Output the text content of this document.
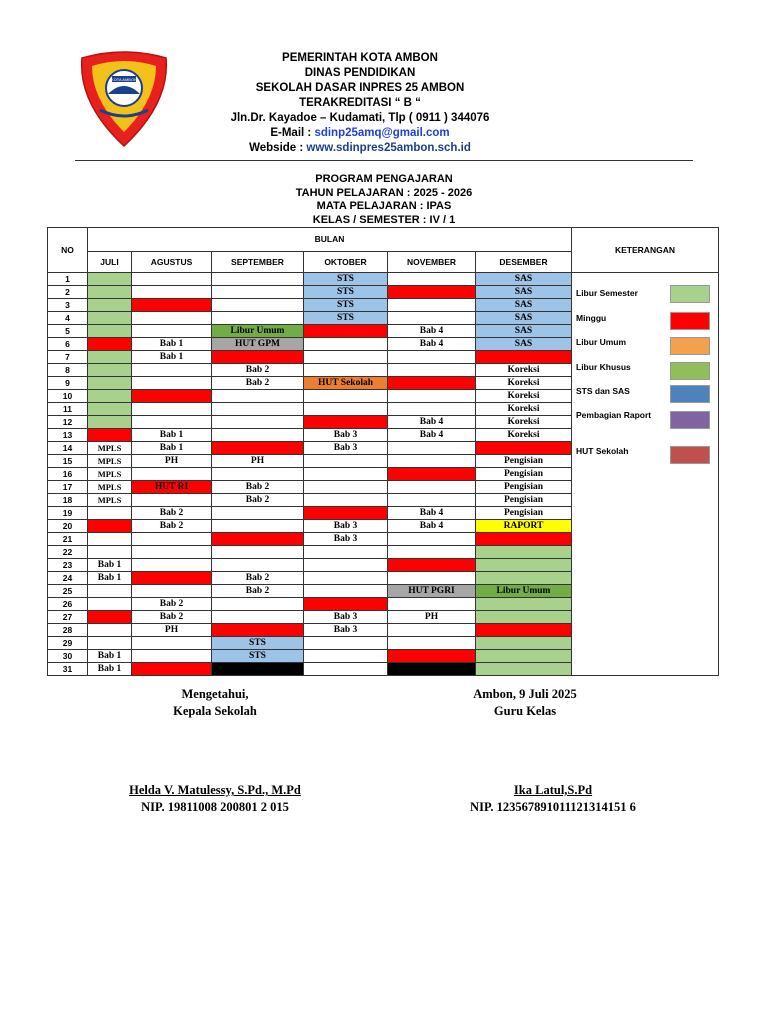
KOTA AMBON
PEMERINTAH KOTA AMBON
DINAS PENDIDIKAN
SEKOLAH DASAR INPRES 25 AMBON
TERAKREDITASI “ B “
Jln.Dr. Kayadoe – Kudamati, Tlp ( 0911 ) 344076
E-Mail : sdinp25amq@gmail.com
Webside : www.sdinpres25ambon.sch.id
PROGRAM PENGAJARAN
TAHUN PELAJARAN : 2025 - 2026
MATA PELAJARAN : IPAS
KELAS / SEMESTER : IV / 1
NO	BULAN						KETERANGAN
	JULI	AGUSTUS	SEPTEMBER	OKTOBER	NOVEMBER	DESEMBER	
1				STS		SAS	
2				STS		SAS	
3				STS		SAS	
4				STS		SAS	
5			Libur Umum		Bab 4	SAS	
6		Bab 1	HUT GPM		Bab 4	SAS	
7		Bab 1					
8			Bab 2			Koreksi	
9			Bab 2	HUT Sekolah		Koreksi	
10						Koreksi	
11						Koreksi	
12					Bab 4	Koreksi	
13		Bab 1		Bab 3	Bab 4	Koreksi	
14	MPLS	Bab 1		Bab 3			
15	MPLS	PH	PH			Pengisian	
16	MPLS					Pengisian	
17	MPLS	HUT RI	Bab 2			Pengisian	
18	MPLS		Bab 2			Pengisian	
19		Bab 2			Bab 4	Pengisian	
20		Bab 2		Bab 3	Bab 4	RAPORT	
21				Bab 3			
22							
23	Bab 1						
24	Bab 1		Bab 2				
25			Bab 2		HUT PGRI	Libur Umum	
26		Bab 2					
27		Bab 2		Bab 3	PH		
28		PH		Bab 3			
29			STS				
30	Bab 1		STS				
31	Bab 1						
Libur Semester
Minggu
Libur Umum
Libur Khusus
STS dan SAS
Pembagian Raport
HUT Sekolah
Mengetahui,
Kepala Sekolah
Ambon, 9 Juli 2025
Guru Kelas
Helda V. Matulessy, S.Pd., M.Pd
NIP. 19811008 200801 2 015
Ika Latul,S.Pd
NIP. 123567891011121314151 6
